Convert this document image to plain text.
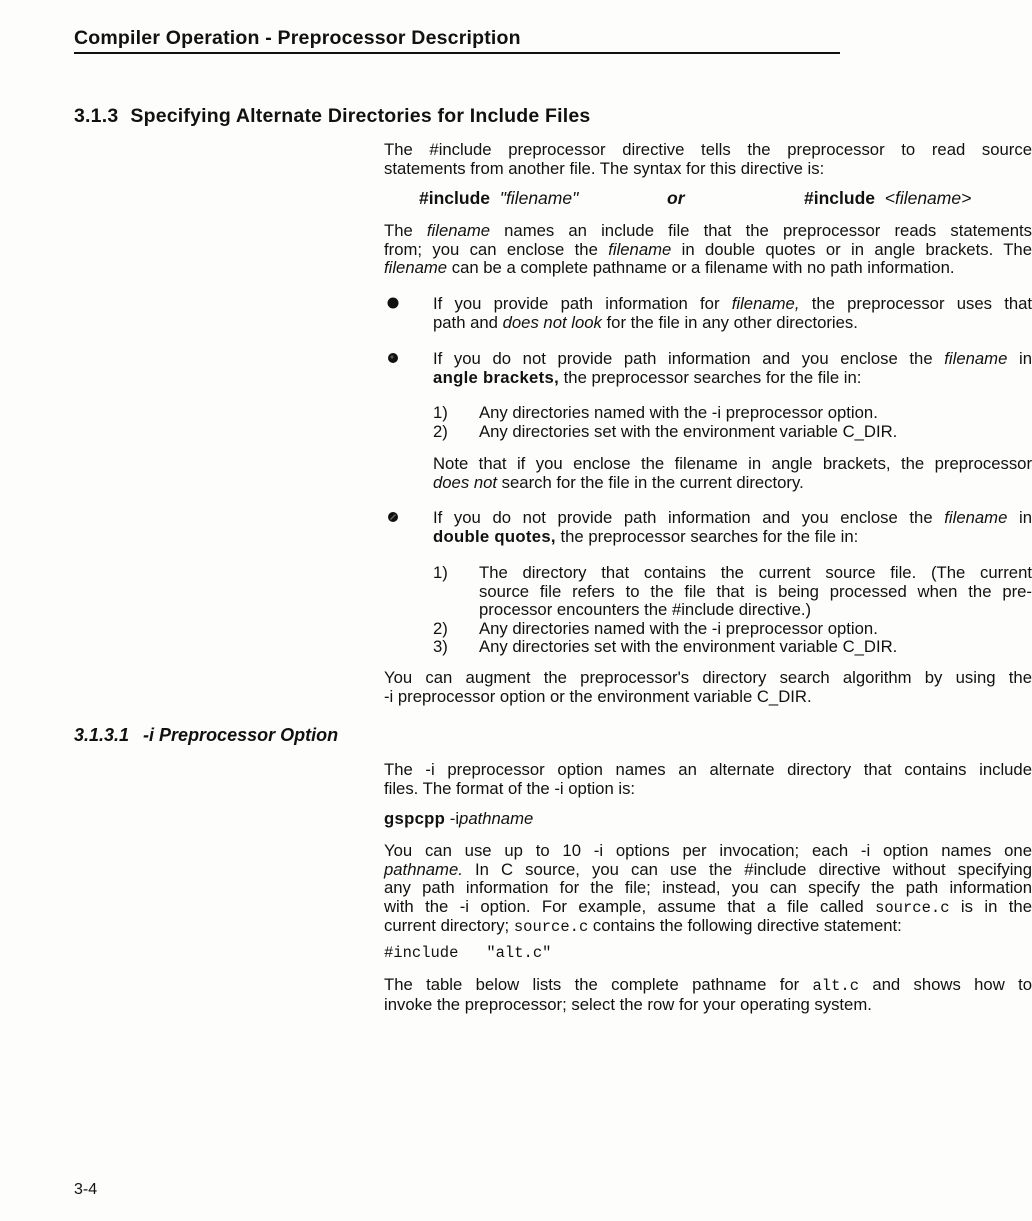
Compiler Operation - Preprocessor Description
3.1.3 Specifying Alternate Directories for Include Files
The #include preprocessor directive tells the preprocessor to read source
statements from another file. The syntax for this directive is:
#include "filename"	or	#include <filename>
The filename names an include file that the preprocessor reads statements
from; you can enclose the filename in double quotes or in angle brackets. The
filename can be a complete pathname or a filename with no path information.
If you provide path information for filename, the preprocessor uses that
path and does not look for the file in any other directories.
If you do not provide path information and you enclose the filename in
angle brackets, the preprocessor searches for the file in:
1)	Any directories named with the -i preprocessor option.
2)	Any directories set with the environment variable C_DIR.
Note that if you enclose the filename in angle brackets, the preprocessor
does not search for the file in the current directory.
If you do not provide path information and you enclose the filename in
double quotes, the preprocessor searches for the file in:
1)	The directory that contains the current source file. (The current
source file refers to the file that is being processed when the pre-
processor encounters the #include directive.)
2)	Any directories named with the -i preprocessor option.
3)	Any directories set with the environment variable C_DIR.
You can augment the preprocessor's directory search algorithm by using the
-i preprocessor option or the environment variable C_DIR.
3.1.3.1 -i Preprocessor Option
The -i preprocessor option names an alternate directory that contains include
files. The format of the -i option is:
gspcpp -ipathname
You can use up to 10 -i options per invocation; each -i option names one
pathname. In C source, you can use the #include directive without specifying
any path information for the file; instead, you can specify the path information
with the -i option. For example, assume that a file called source.c is in the
current directory; source.c contains the following directive statement:
#include   "alt.c"
The table below lists the complete pathname for alt.c and shows how to
invoke the preprocessor; select the row for your operating system.
3-4
